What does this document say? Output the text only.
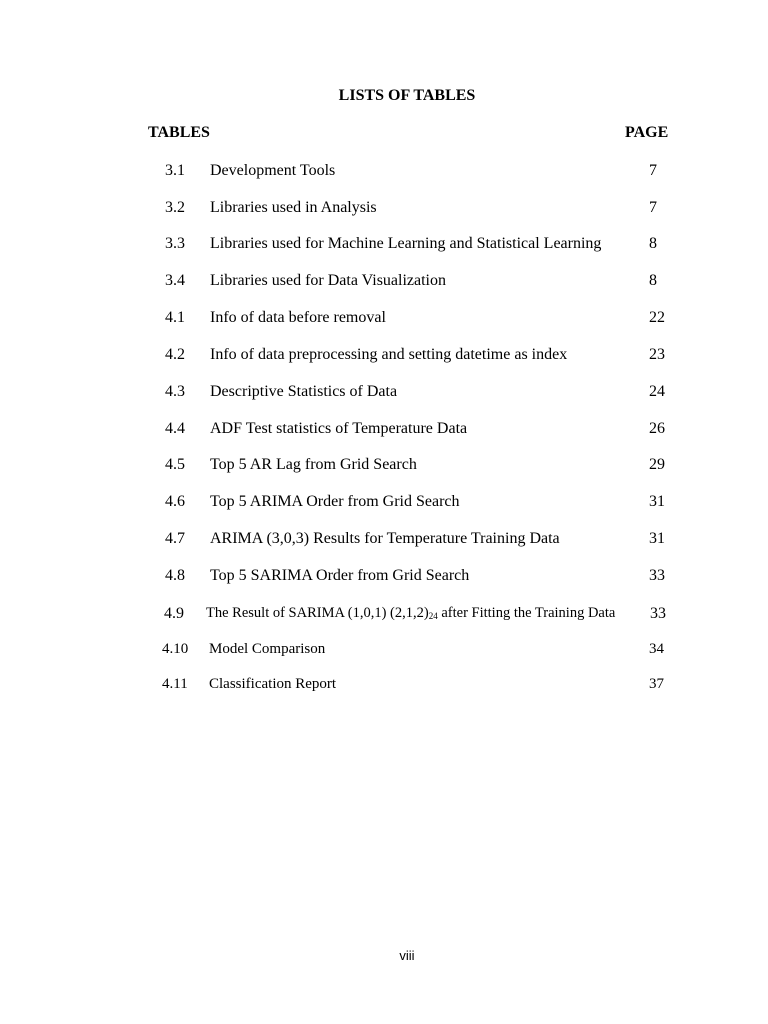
LISTS OF TABLES
TABLES	PAGE
3.1 Development Tools	7
3.2 Libraries used in Analysis	7
3.3 Libraries used for Machine Learning and Statistical Learning	8
3.4 Libraries used for Data Visualization	8
4.1 Info of data before removal	22
4.2 Info of data preprocessing and setting datetime as index	23
4.3 Descriptive Statistics of Data	24
4.4 ADF Test statistics of Temperature Data	26
4.5 Top 5 AR Lag from Grid Search	29
4.6 Top 5 ARIMA Order from Grid Search	31
4.7 ARIMA (3,0,3) Results for Temperature Training Data	31
4.8 Top 5 SARIMA Order from Grid Search	33
4.9 The Result of SARIMA (1,0,1) $(2,1,2)_{24}$ after Fitting the Training Data 33
4.10 Model Comparison	34
4.11 Classification Report	37
viii
